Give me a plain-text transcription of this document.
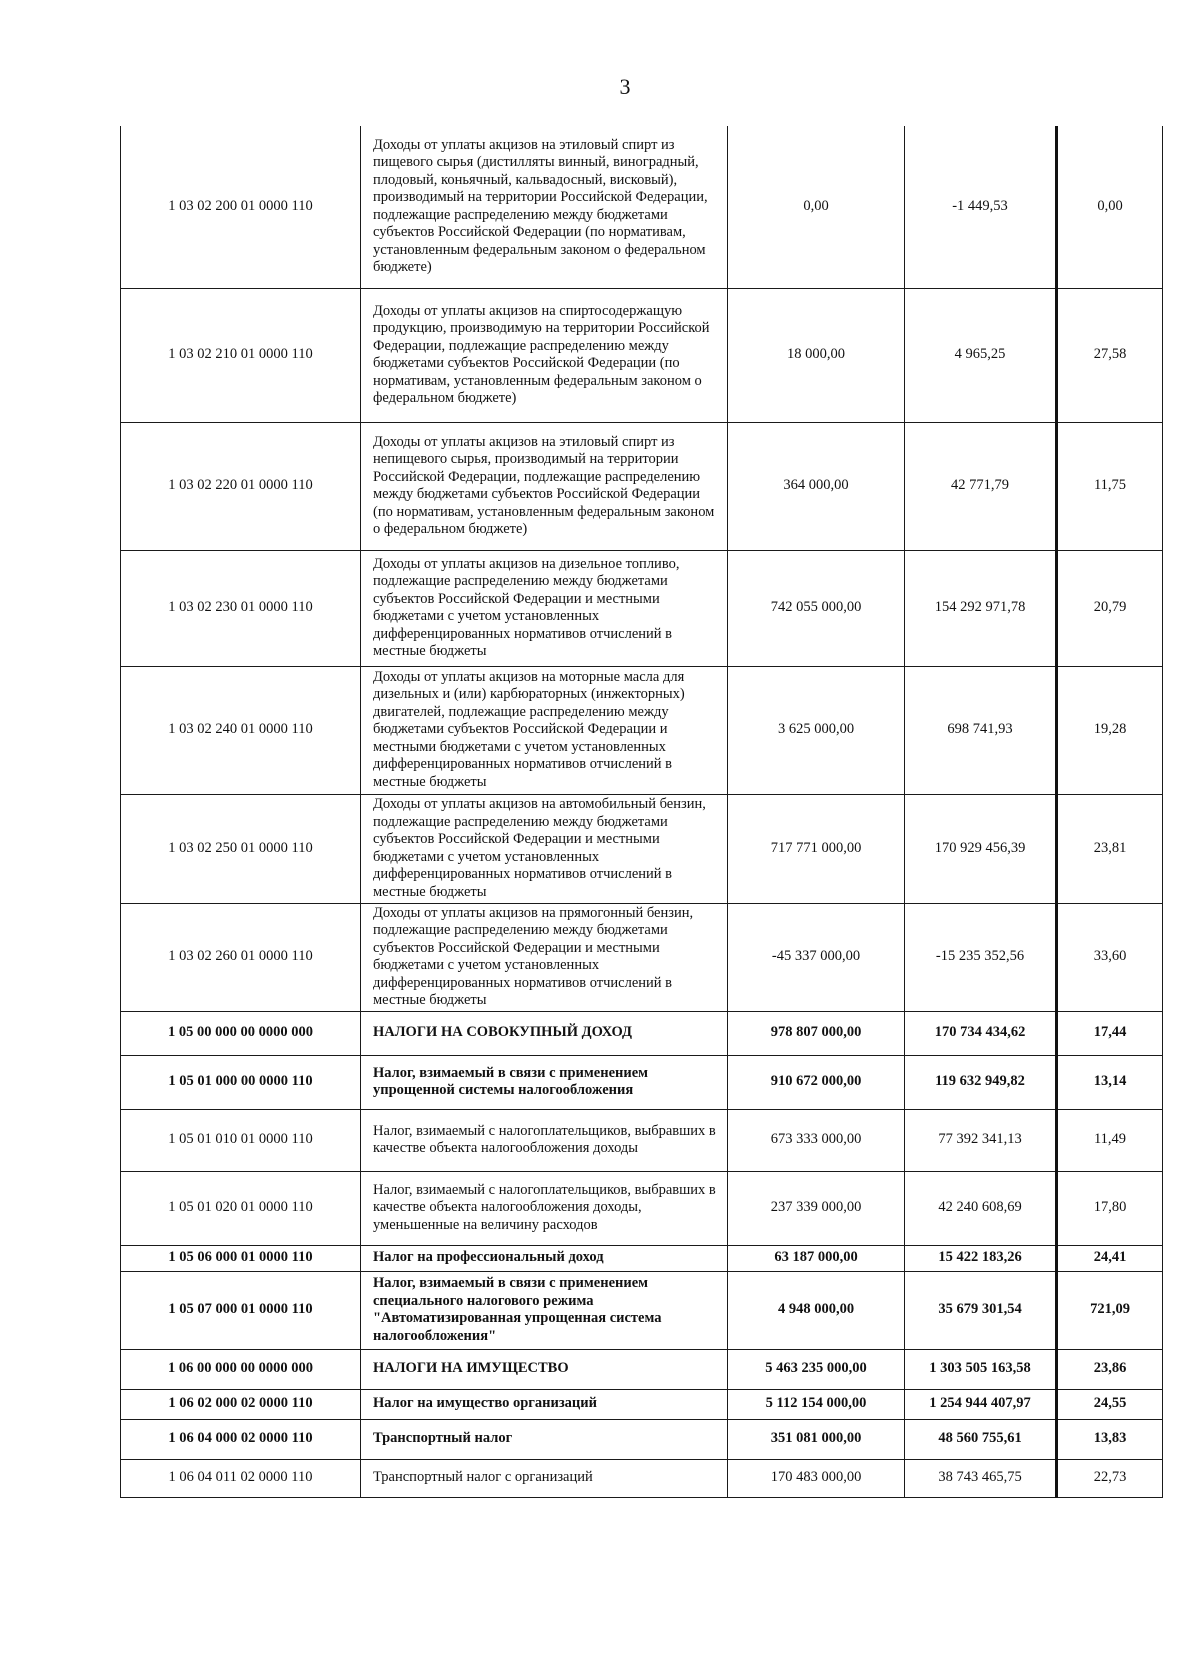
3
1 03 02 200 01 0000 110	Доходы от уплаты акцизов на этиловый спирт из пищевого сырья (дистилляты винный, виноградный, плодовый, коньячный, кальвадосный, висковый), производимый на территории Российской Федерации, подлежащие распределению между бюджетами субъектов Российской Федерации (по нормативам, установленным федеральным законом о федеральном бюджете)	0,00	-1 449,53	0,00
1 03 02 210 01 0000 110	Доходы от уплаты акцизов на спиртосодержащую продукцию, производимую на территории Российской Федерации, подлежащие распределению между бюджетами субъектов Российской Федерации (по нормативам, установленным федеральным законом о федеральном бюджете)	18 000,00	4 965,25	27,58
1 03 02 220 01 0000 110	Доходы от уплаты акцизов на этиловый спирт из непищевого сырья, производимый на территории Российской Федерации, подлежащие распределению между бюджетами субъектов Российской Федерации (по нормативам, установленным федеральным законом о федеральном бюджете)	364 000,00	42 771,79	11,75
1 03 02 230 01 0000 110	Доходы от уплаты акцизов на дизельное топливо, подлежащие распределению между бюджетами субъектов Российской Федерации и местными бюджетами с учетом установленных дифференцированных нормативов отчислений в местные бюджеты	742 055 000,00	154 292 971,78	20,79
1 03 02 240 01 0000 110	Доходы от уплаты акцизов на моторные масла для дизельных и (или) карбюраторных (инжекторных) двигателей, подлежащие распределению между бюджетами субъектов Российской Федерации и местными бюджетами с учетом установленных дифференцированных нормативов отчислений в местные бюджеты	3 625 000,00	698 741,93	19,28
1 03 02 250 01 0000 110	Доходы от уплаты акцизов на автомобильный бензин, подлежащие распределению между бюджетами субъектов Российской Федерации и местными бюджетами с учетом установленных дифференцированных нормативов отчислений в местные бюджеты	717 771 000,00	170 929 456,39	23,81
1 03 02 260 01 0000 110	Доходы от уплаты акцизов на прямогонный бензин, подлежащие распределению между бюджетами субъектов Российской Федерации и местными бюджетами с учетом установленных дифференцированных нормативов отчислений в местные бюджеты	-45 337 000,00	-15 235 352,56	33,60
1 05 00 000 00 0000 000	НАЛОГИ НА СОВОКУПНЫЙ ДОХОД	978 807 000,00	170 734 434,62	17,44
1 05 01 000 00 0000 110	Налог, взимаемый в связи с применением упрощенной системы налогообложения	910 672 000,00	119 632 949,82	13,14
1 05 01 010 01 0000 110	Налог, взимаемый с налогоплательщиков, выбравших в качестве объекта налогообложения доходы	673 333 000,00	77 392 341,13	11,49
1 05 01 020 01 0000 110	Налог, взимаемый с налогоплательщиков, выбравших в качестве объекта налогообложения доходы, уменьшенные на величину расходов	237 339 000,00	42 240 608,69	17,80
1 05 06 000 01 0000 110	Налог на профессиональный доход	63 187 000,00	15 422 183,26	24,41
1 05 07 000 01 0000 110	Налог, взимаемый в связи с применением специального налогового режима "Автоматизированная упрощенная система налогообложения"	4 948 000,00	35 679 301,54	721,09
1 06 00 000 00 0000 000	НАЛОГИ НА ИМУЩЕСТВО	5 463 235 000,00	1 303 505 163,58	23,86
1 06 02 000 02 0000 110	Налог на имущество организаций	5 112 154 000,00	1 254 944 407,97	24,55
1 06 04 000 02 0000 110	Транспортный налог	351 081 000,00	48 560 755,61	13,83
1 06 04 011 02 0000 110	Транспортный налог с организаций	170 483 000,00	38 743 465,75	22,73
